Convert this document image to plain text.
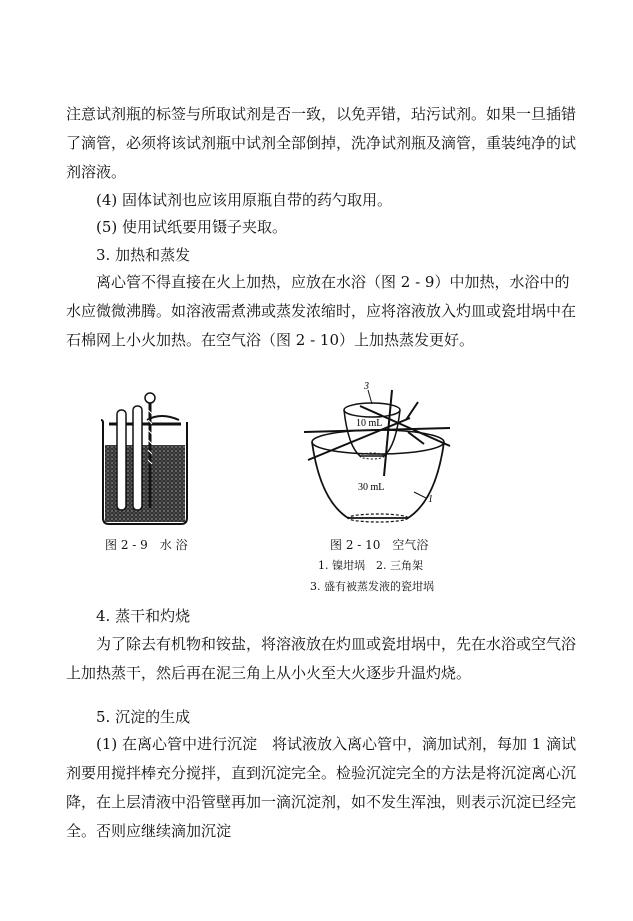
注意试剂瓶的标签与所取试剂是否一致，以免弄错，玷污试剂。如果一旦插错了滴管，必须将该试剂瓶中试剂全部倒掉，洗净试剂瓶及滴管，重装纯净的试剂溶液。

(4) 固体试剂也应该用原瓶自带的药勺取用。

(5) 使用试纸要用镊子夹取。

3. 加热和蒸发

离心管不得直接在火上加热，应放在水浴（图 2 - 9）中加热，水浴中的水应微微沸腾。如溶液需煮沸或蒸发浓缩时，应将溶液放入灼皿或瓷坩埚中在石棉网上小火加热。在空气浴（图 2 - 10）上加热蒸发更好。

图 2 - 9　水 浴
10 mL
30 mL
3
1
图 2 - 10　空气浴
1. 镍坩埚　2. 三角架
3. 盛有被蒸发液的瓷坩埚

4. 蒸干和灼烧

为了除去有机物和铵盐，将溶液放在灼皿或瓷坩埚中，先在水浴或空气浴上加热蒸干，然后再在泥三角上从小火至大火逐步升温灼烧。

5. 沉淀的生成

(1) 在离心管中进行沉淀　将试液放入离心管中，滴加试剂，每加 1 滴试剂要用搅拌棒充分搅拌，直到沉淀完全。检验沉淀完全的方法是将沉淀离心沉降，在上层清液中沿管壁再加一滴沉淀剂，如不发生浑浊，则表示沉淀已经完全。否则应继续滴加沉淀
